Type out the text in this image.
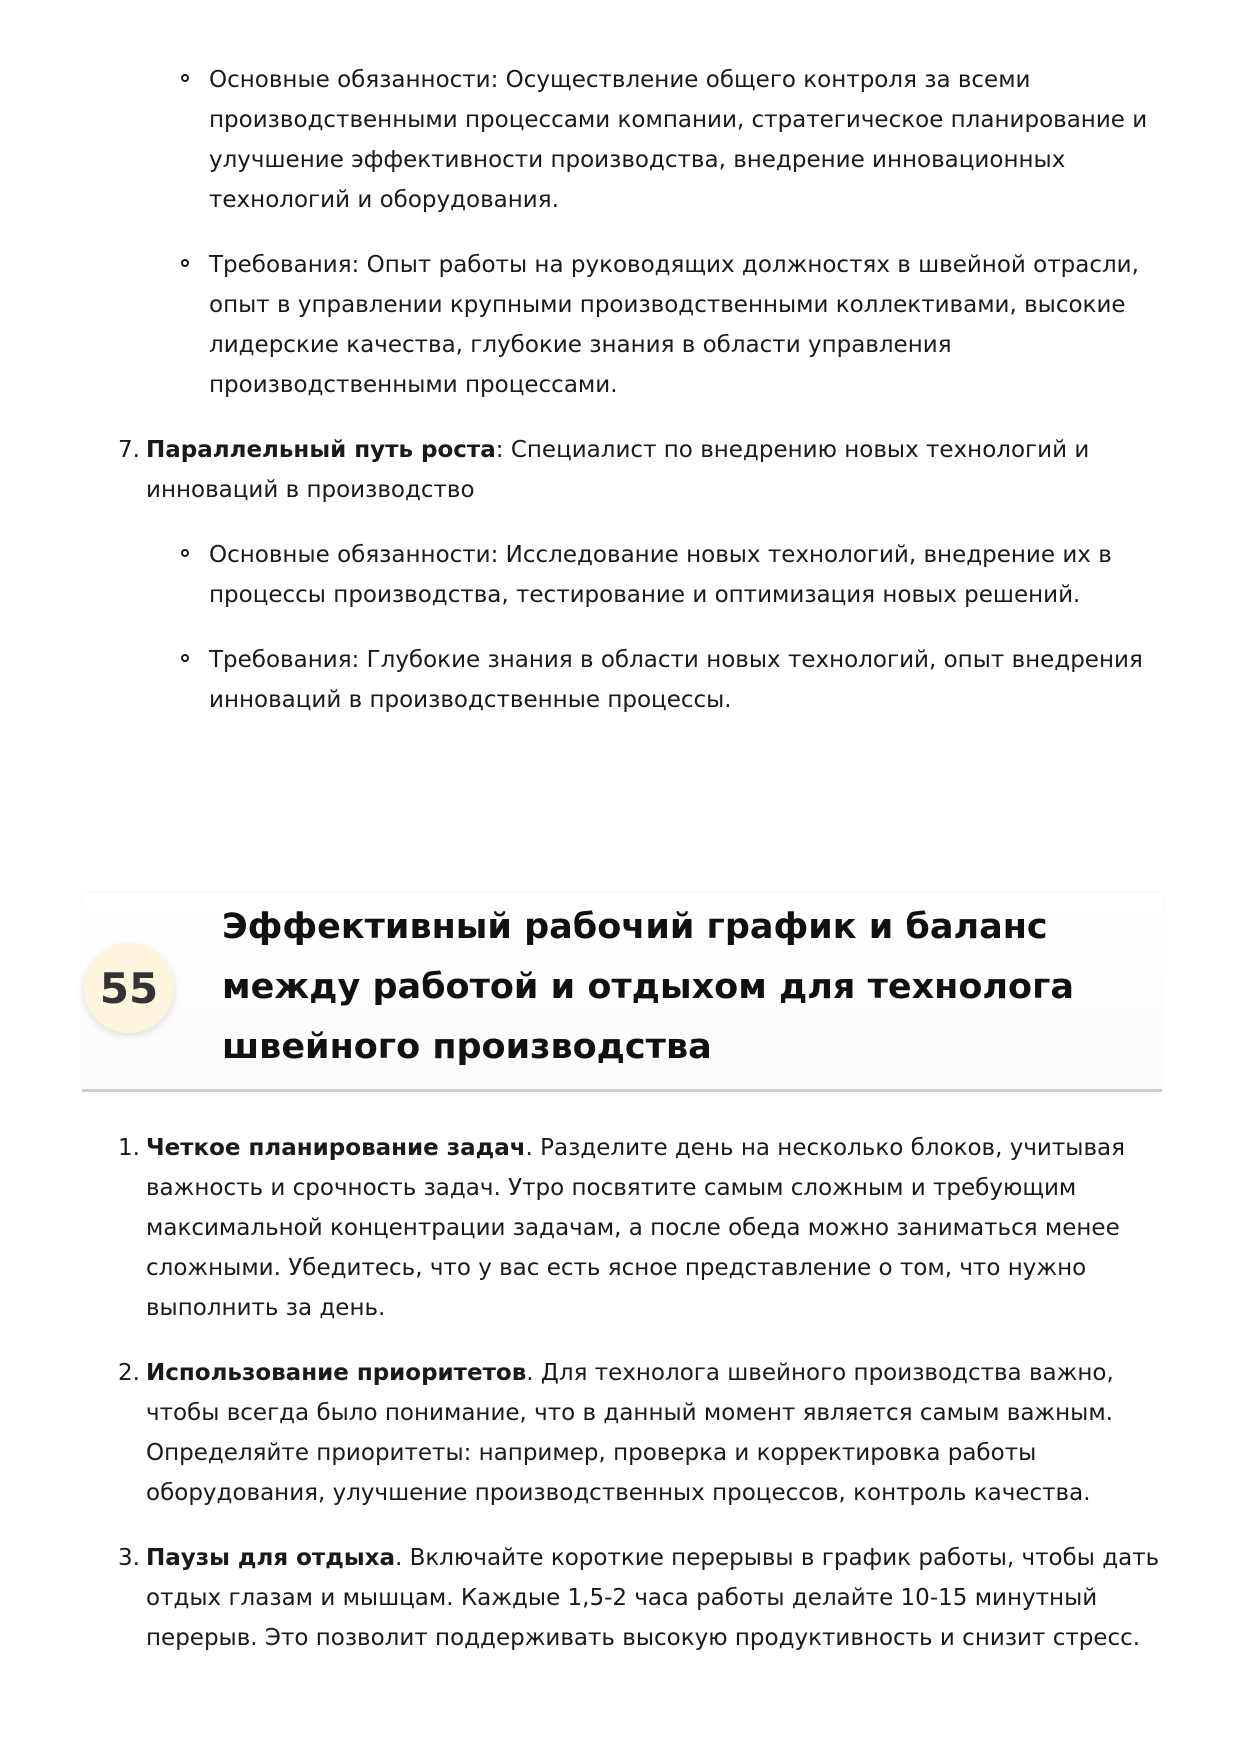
Основные обязанности: Осуществление общего контроля за всеми производственными процессами компании, стратегическое планирование и улучшение эффективности производства, внедрение инновационных технологий и оборудования.
Требования: Опыт работы на руководящих должностях в швейной отрасли, опыт в управлении крупными производственными коллективами, высокие лидерские качества, глубокие знания в области управления производственными процессами.
7. Параллельный путь роста: Специалист по внедрению новых технологий и инноваций в производство
Основные обязанности: Исследование новых технологий, внедрение их в процессы производства, тестирование и оптимизация новых решений.
Требования: Глубокие знания в области новых технологий, опыт внедрения инноваций в производственные процессы.
55
Эффективный рабочий график и баланс между работой и отдыхом для технолога швейного производства
1. Четкое планирование задач. Разделите день на несколько блоков, учитывая важность и срочность задач. Утро посвятите самым сложным и требующим максимальной концентрации задачам, а после обеда можно заниматься менее сложными. Убедитесь, что у вас есть ясное представление о том, что нужно выполнить за день.
2. Использование приоритетов. Для технолога швейного производства важно, чтобы всегда было понимание, что в данный момент является самым важным. Определяйте приоритеты: например, проверка и корректировка работы оборудования, улучшение производственных процессов, контроль качества.
3. Паузы для отдыха. Включайте короткие перерывы в график работы, чтобы дать отдых глазам и мышцам. Каждые 1,5-2 часа работы делайте 10-15 минутный перерыв. Это позволит поддерживать высокую продуктивность и снизит стресс.
